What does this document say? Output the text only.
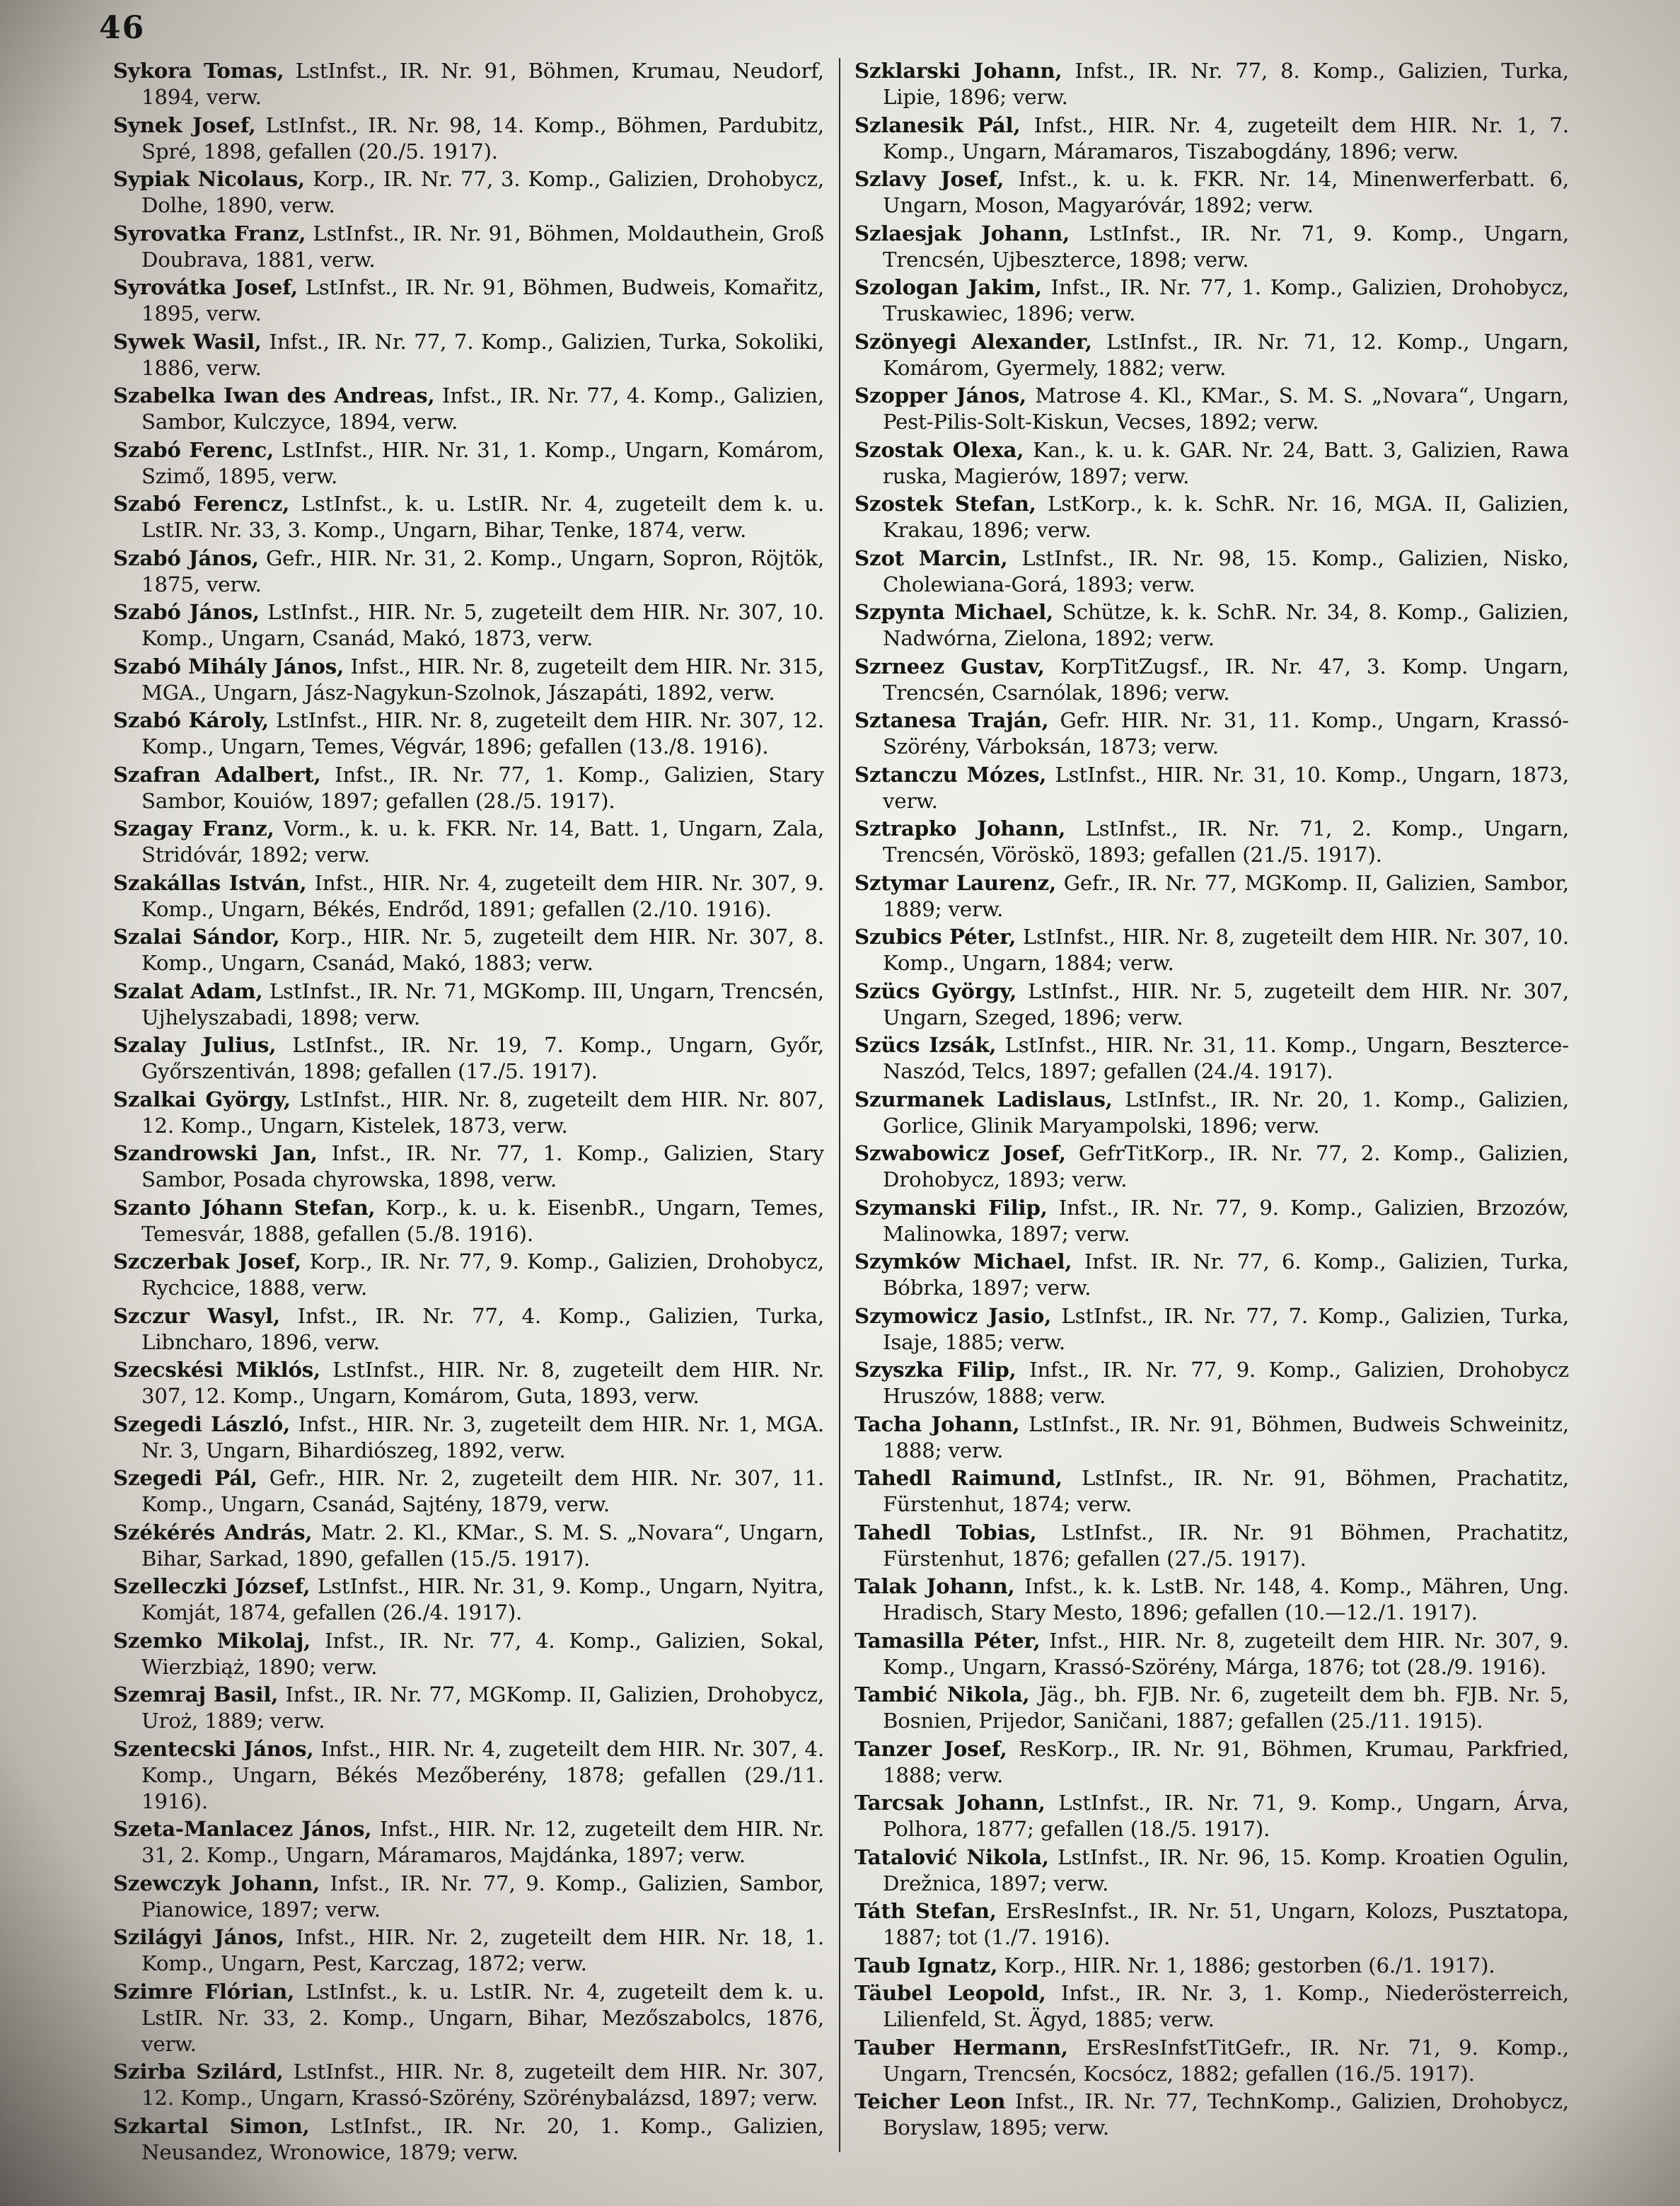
46

Sykora Tomas, LstInfst., IR. Nr. 91, Böhmen, Krumau, Neudorf, 1894, verw.

Synek Josef, LstInfst., IR. Nr. 98, 14. Komp., Böhmen, Pardubitz, Spré, 1898, gefallen (20./5. 1917).

Sypiak Nicolaus, Korp., IR. Nr. 77, 3. Komp., Galizien, Drohobycz, Dolhe, 1890, verw.

Syrovatka Franz, LstInfst., IR. Nr. 91, Böhmen, Moldauthein, Groß Doubrava, 1881, verw.

Syrovátka Josef, LstInfst., IR. Nr. 91, Böhmen, Budweis, Komařitz, 1895, verw.

Sywek Wasil, Infst., IR. Nr. 77, 7. Komp., Galizien, Turka, Sokoliki, 1886, verw.

Szabelka Iwan des Andreas, Infst., IR. Nr. 77, 4. Komp., Galizien, Sambor, Kulczyce, 1894, verw.

Szabó Ferenc, LstInfst., HIR. Nr. 31, 1. Komp., Ungarn, Komárom, Szimő, 1895, verw.

Szabó Ferencz, LstInfst., k. u. LstIR. Nr. 4, zugeteilt dem k. u. LstIR. Nr. 33, 3. Komp., Ungarn, Bihar, Tenke, 1874, verw.

Szabó János, Gefr., HIR. Nr. 31, 2. Komp., Ungarn, Sopron, Röjtök, 1875, verw.

Szabó János, LstInfst., HIR. Nr. 5, zugeteilt dem HIR. Nr. 307, 10. Komp., Ungarn, Csanád, Makó, 1873, verw.

Szabó Mihály János, Infst., HIR. Nr. 8, zugeteilt dem HIR. Nr. 315, MGA., Ungarn, Jász-Nagykun-Szolnok, Jászapáti, 1892, verw.

Szabó Károly, LstInfst., HIR. Nr. 8, zugeteilt dem HIR. Nr. 307, 12. Komp., Ungarn, Temes, Végvár, 1896; gefallen (13./8. 1916).

Szafran Adalbert, Infst., IR. Nr. 77, 1. Komp., Galizien, Stary Sambor, Kouiów, 1897; gefallen (28./5. 1917).

Szagay Franz, Vorm., k. u. k. FKR. Nr. 14, Batt. 1, Ungarn, Zala, Stridóvár, 1892; verw.

Szakállas István, Infst., HIR. Nr. 4, zugeteilt dem HIR. Nr. 307, 9. Komp., Ungarn, Békés, Endrőd, 1891; gefallen (2./10. 1916).

Szalai Sándor, Korp., HIR. Nr. 5, zugeteilt dem HIR. Nr. 307, 8. Komp., Ungarn, Csanád, Makó, 1883; verw.

Szalat Adam, LstInfst., IR. Nr. 71, MGKomp. III, Ungarn, Trencsén, Ujhelyszabadi, 1898; verw.

Szalay Julius, LstInfst., IR. Nr. 19, 7. Komp., Ungarn, Győr, Győrszentiván, 1898; gefallen (17./5. 1917).

Szalkai György, LstInfst., HIR. Nr. 8, zugeteilt dem HIR. Nr. 807, 12. Komp., Ungarn, Kistelek, 1873, verw.

Szandrowski Jan, Infst., IR. Nr. 77, 1. Komp., Galizien, Stary Sambor, Posada chyrowska, 1898, verw.

Szanto Jóhann Stefan, Korp., k. u. k. EisenbR., Ungarn, Temes, Temesvár, 1888, gefallen (5./8. 1916).

Szczerbak Josef, Korp., IR. Nr. 77, 9. Komp., Galizien, Drohobycz, Rychcice, 1888, verw.

Szczur Wasyl, Infst., IR. Nr. 77, 4. Komp., Galizien, Turka, Libncharo, 1896, verw.

Szecskési Miklós, LstInfst., HIR. Nr. 8, zugeteilt dem HIR. Nr. 307, 12. Komp., Ungarn, Komárom, Guta, 1893, verw.

Szegedi László, Infst., HIR. Nr. 3, zugeteilt dem HIR. Nr. 1, MGA. Nr. 3, Ungarn, Bihardiószeg, 1892, verw.

Szegedi Pál, Gefr., HIR. Nr. 2, zugeteilt dem HIR. Nr. 307, 11. Komp., Ungarn, Csanád, Sajtény, 1879, verw.

Székérés András, Matr. 2. Kl., KMar., S. M. S. „Novara“, Ungarn, Bihar, Sarkad, 1890, gefallen (15./5. 1917).

Szelleczki József, LstInfst., HIR. Nr. 31, 9. Komp., Ungarn, Nyitra, Komját, 1874, gefallen (26./4. 1917).

Szemko Mikolaj, Infst., IR. Nr. 77, 4. Komp., Galizien, Sokal, Wierzbiąż, 1890; verw.

Szemraj Basil, Infst., IR. Nr. 77, MGKomp. II, Galizien, Drohobycz, Uroż, 1889; verw.

Szentecski János, Infst., HIR. Nr. 4, zugeteilt dem HIR. Nr. 307, 4. Komp., Ungarn, Békés Mezőberény, 1878; gefallen (29./11. 1916).

Szeta-Manlacez János, Infst., HIR. Nr. 12, zugeteilt dem HIR. Nr. 31, 2. Komp., Ungarn, Máramaros, Majdánka, 1897; verw.

Szewczyk Johann, Infst., IR. Nr. 77, 9. Komp., Galizien, Sambor, Pianowice, 1897; verw.

Szilágyi János, Infst., HIR. Nr. 2, zugeteilt dem HIR. Nr. 18, 1. Komp., Ungarn, Pest, Karczag, 1872; verw.

Szimre Flórian, LstInfst., k. u. LstIR. Nr. 4, zugeteilt dem k. u. LstIR. Nr. 33, 2. Komp., Ungarn, Bihar, Mezőszabolcs, 1876, verw.

Szirba Szilárd, LstInfst., HIR. Nr. 8, zugeteilt dem HIR. Nr. 307, 12. Komp., Ungarn, Krassó-Szörény, Szörénybalázsd, 1897; verw.

Szkartal Simon, LstInfst., IR. Nr. 20, 1. Komp., Galizien, Neusandez, Wronowice, 1879; verw.

Szklarski Johann, Infst., IR. Nr. 77, 8. Komp., Galizien, Turka, Lipie, 1896; verw.

Szlanesik Pál, Infst., HIR. Nr. 4, zugeteilt dem HIR. Nr. 1, 7. Komp., Ungarn, Máramaros, Tiszabogdány, 1896; verw.

Szlavy Josef, Infst., k. u. k. FKR. Nr. 14, Minenwerferbatt. 6, Ungarn, Moson, Magyaróvár, 1892; verw.

Szlaesjak Johann, LstInfst., IR. Nr. 71, 9. Komp., Ungarn, Trencsén, Ujbeszterce, 1898; verw.

Szologan Jakim, Infst., IR. Nr. 77, 1. Komp., Galizien, Drohobycz, Truskawiec, 1896; verw.

Szönyegi Alexander, LstInfst., IR. Nr. 71, 12. Komp., Ungarn, Komárom, Gyermely, 1882; verw.

Szopper János, Matrose 4. Kl., KMar., S. M. S. „Novara“, Ungarn, Pest-Pilis-Solt-Kiskun, Vecses, 1892; verw.

Szostak Olexa, Kan., k. u. k. GAR. Nr. 24, Batt. 3, Galizien, Rawa ruska, Magierów, 1897; verw.

Szostek Stefan, LstKorp., k. k. SchR. Nr. 16, MGA. II, Galizien, Krakau, 1896; verw.

Szot Marcin, LstInfst., IR. Nr. 98, 15. Komp., Galizien, Nisko, Cholewiana-Gorá, 1893; verw.

Szpynta Michael, Schütze, k. k. SchR. Nr. 34, 8. Komp., Galizien, Nadwórna, Zielona, 1892; verw.

Szrneez Gustav, KorpTitZugsf., IR. Nr. 47, 3. Komp. Ungarn, Trencsén, Csarnólak, 1896; verw.

Sztanesa Traján, Gefr. HIR. Nr. 31, 11. Komp., Ungarn, Krassó-Szörény, Várboksán, 1873; verw.

Sztanczu Mózes, LstInfst., HIR. Nr. 31, 10. Komp., Ungarn, 1873, verw.

Sztrapko Johann, LstInfst., IR. Nr. 71, 2. Komp., Ungarn, Trencsén, Vöröskö, 1893; gefallen (21./5. 1917).

Sztymar Laurenz, Gefr., IR. Nr. 77, MGKomp. II, Galizien, Sambor, 1889; verw.

Szubics Péter, LstInfst., HIR. Nr. 8, zugeteilt dem HIR. Nr. 307, 10. Komp., Ungarn, 1884; verw.

Szücs György, LstInfst., HIR. Nr. 5, zugeteilt dem HIR. Nr. 307, Ungarn, Szeged, 1896; verw.

Szücs Izsák, LstInfst., HIR. Nr. 31, 11. Komp., Ungarn, Beszterce-Naszód, Telcs, 1897; gefallen (24./4. 1917).

Szurmanek Ladislaus, LstInfst., IR. Nr. 20, 1. Komp., Galizien, Gorlice, Glinik Maryampolski, 1896; verw.

Szwabowicz Josef, GefrTitKorp., IR. Nr. 77, 2. Komp., Galizien, Drohobycz, 1893; verw.

Szymanski Filip, Infst., IR. Nr. 77, 9. Komp., Galizien, Brzozów, Malinowka, 1897; verw.

Szymków Michael, Infst. IR. Nr. 77, 6. Komp., Galizien, Turka, Bóbrka, 1897; verw.

Szymowicz Jasio, LstInfst., IR. Nr. 77, 7. Komp., Galizien, Turka, Isaje, 1885; verw.

Szyszka Filip, Infst., IR. Nr. 77, 9. Komp., Galizien, Drohobycz Hruszów, 1888; verw.

Tacha Johann, LstInfst., IR. Nr. 91, Böhmen, Budweis Schweinitz, 1888; verw.

Tahedl Raimund, LstInfst., IR. Nr. 91, Böhmen, Prachatitz, Fürstenhut, 1874; verw.

Tahedl Tobias, LstInfst., IR. Nr. 91 Böhmen, Prachatitz, Fürstenhut, 1876; gefallen (27./5. 1917).

Talak Johann, Infst., k. k. LstB. Nr. 148, 4. Komp., Mähren, Ung. Hradisch, Stary Mesto, 1896; gefallen (10.—12./1. 1917).

Tamasilla Péter, Infst., HIR. Nr. 8, zugeteilt dem HIR. Nr. 307, 9. Komp., Ungarn, Krassó-Szörény, Márga, 1876; tot (28./9. 1916).

Tambić Nikola, Jäg., bh. FJB. Nr. 6, zugeteilt dem bh. FJB. Nr. 5, Bosnien, Prijedor, Saničani, 1887; gefallen (25./11. 1915).

Tanzer Josef, ResKorp., IR. Nr. 91, Böhmen, Krumau, Parkfried, 1888; verw.

Tarcsak Johann, LstInfst., IR. Nr. 71, 9. Komp., Ungarn, Árva, Polhora, 1877; gefallen (18./5. 1917).

Tatalović Nikola, LstInfst., IR. Nr. 96, 15. Komp. Kroatien Ogulin, Drežnica, 1897; verw.

Táth Stefan, ErsResInfst., IR. Nr. 51, Ungarn, Kolozs, Pusztatopa, 1887; tot (1./7. 1916).

Taub Ignatz, Korp., HIR. Nr. 1, 1886; gestorben (6./1. 1917).

Täubel Leopold, Infst., IR. Nr. 3, 1. Komp., Niederösterreich, Lilienfeld, St. Ägyd, 1885; verw.

Tauber Hermann, ErsResInfstTitGefr., IR. Nr. 71, 9. Komp., Ungarn, Trencsén, Kocsócz, 1882; gefallen (16./5. 1917).

Teicher Leon Infst., IR. Nr. 77, TechnKomp., Galizien, Drohobycz, Boryslaw, 1895; verw.
